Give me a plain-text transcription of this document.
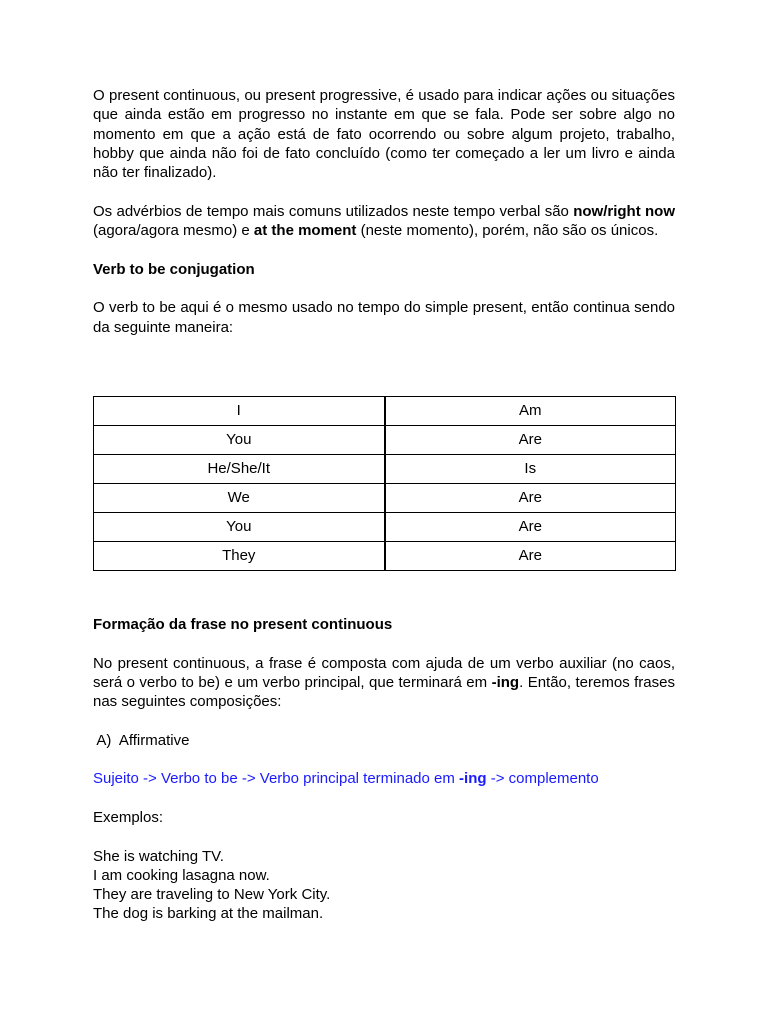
O present continuous, ou present progressive, é usado para indicar ações ou situações que ainda estão em progresso no instante em que se fala. Pode ser sobre algo no momento em que a ação está de fato ocorrendo ou sobre algum projeto, trabalho, hobby que ainda não foi de fato concluído (como ter começado a ler um livro e ainda não ter finalizado).

Os advérbios de tempo mais comuns utilizados neste tempo verbal são now/right now (agora/agora mesmo) e at the moment (neste momento), porém, não são os únicos.

Verb to be conjugation

O verb to be aqui é o mesmo usado no tempo do simple present, então continua sendo da seguinte maneira:

I	Am
You	Are
He/She/It	Is
We	Are
You	Are
They	Are

Formação da frase no present continuous

No present continuous, a frase é composta com ajuda de um verbo auxiliar (no caos, será o verbo to be) e um verbo principal, que terminará em -ing. Então, teremos frases nas seguintes composições:

A)  Affirmative

Sujeito -> Verbo to be -> Verbo principal terminado em -ing -> complemento

Exemplos:

She is watching TV.

I am cooking lasagna now.

They are traveling to New York City.

The dog is barking at the mailman.
